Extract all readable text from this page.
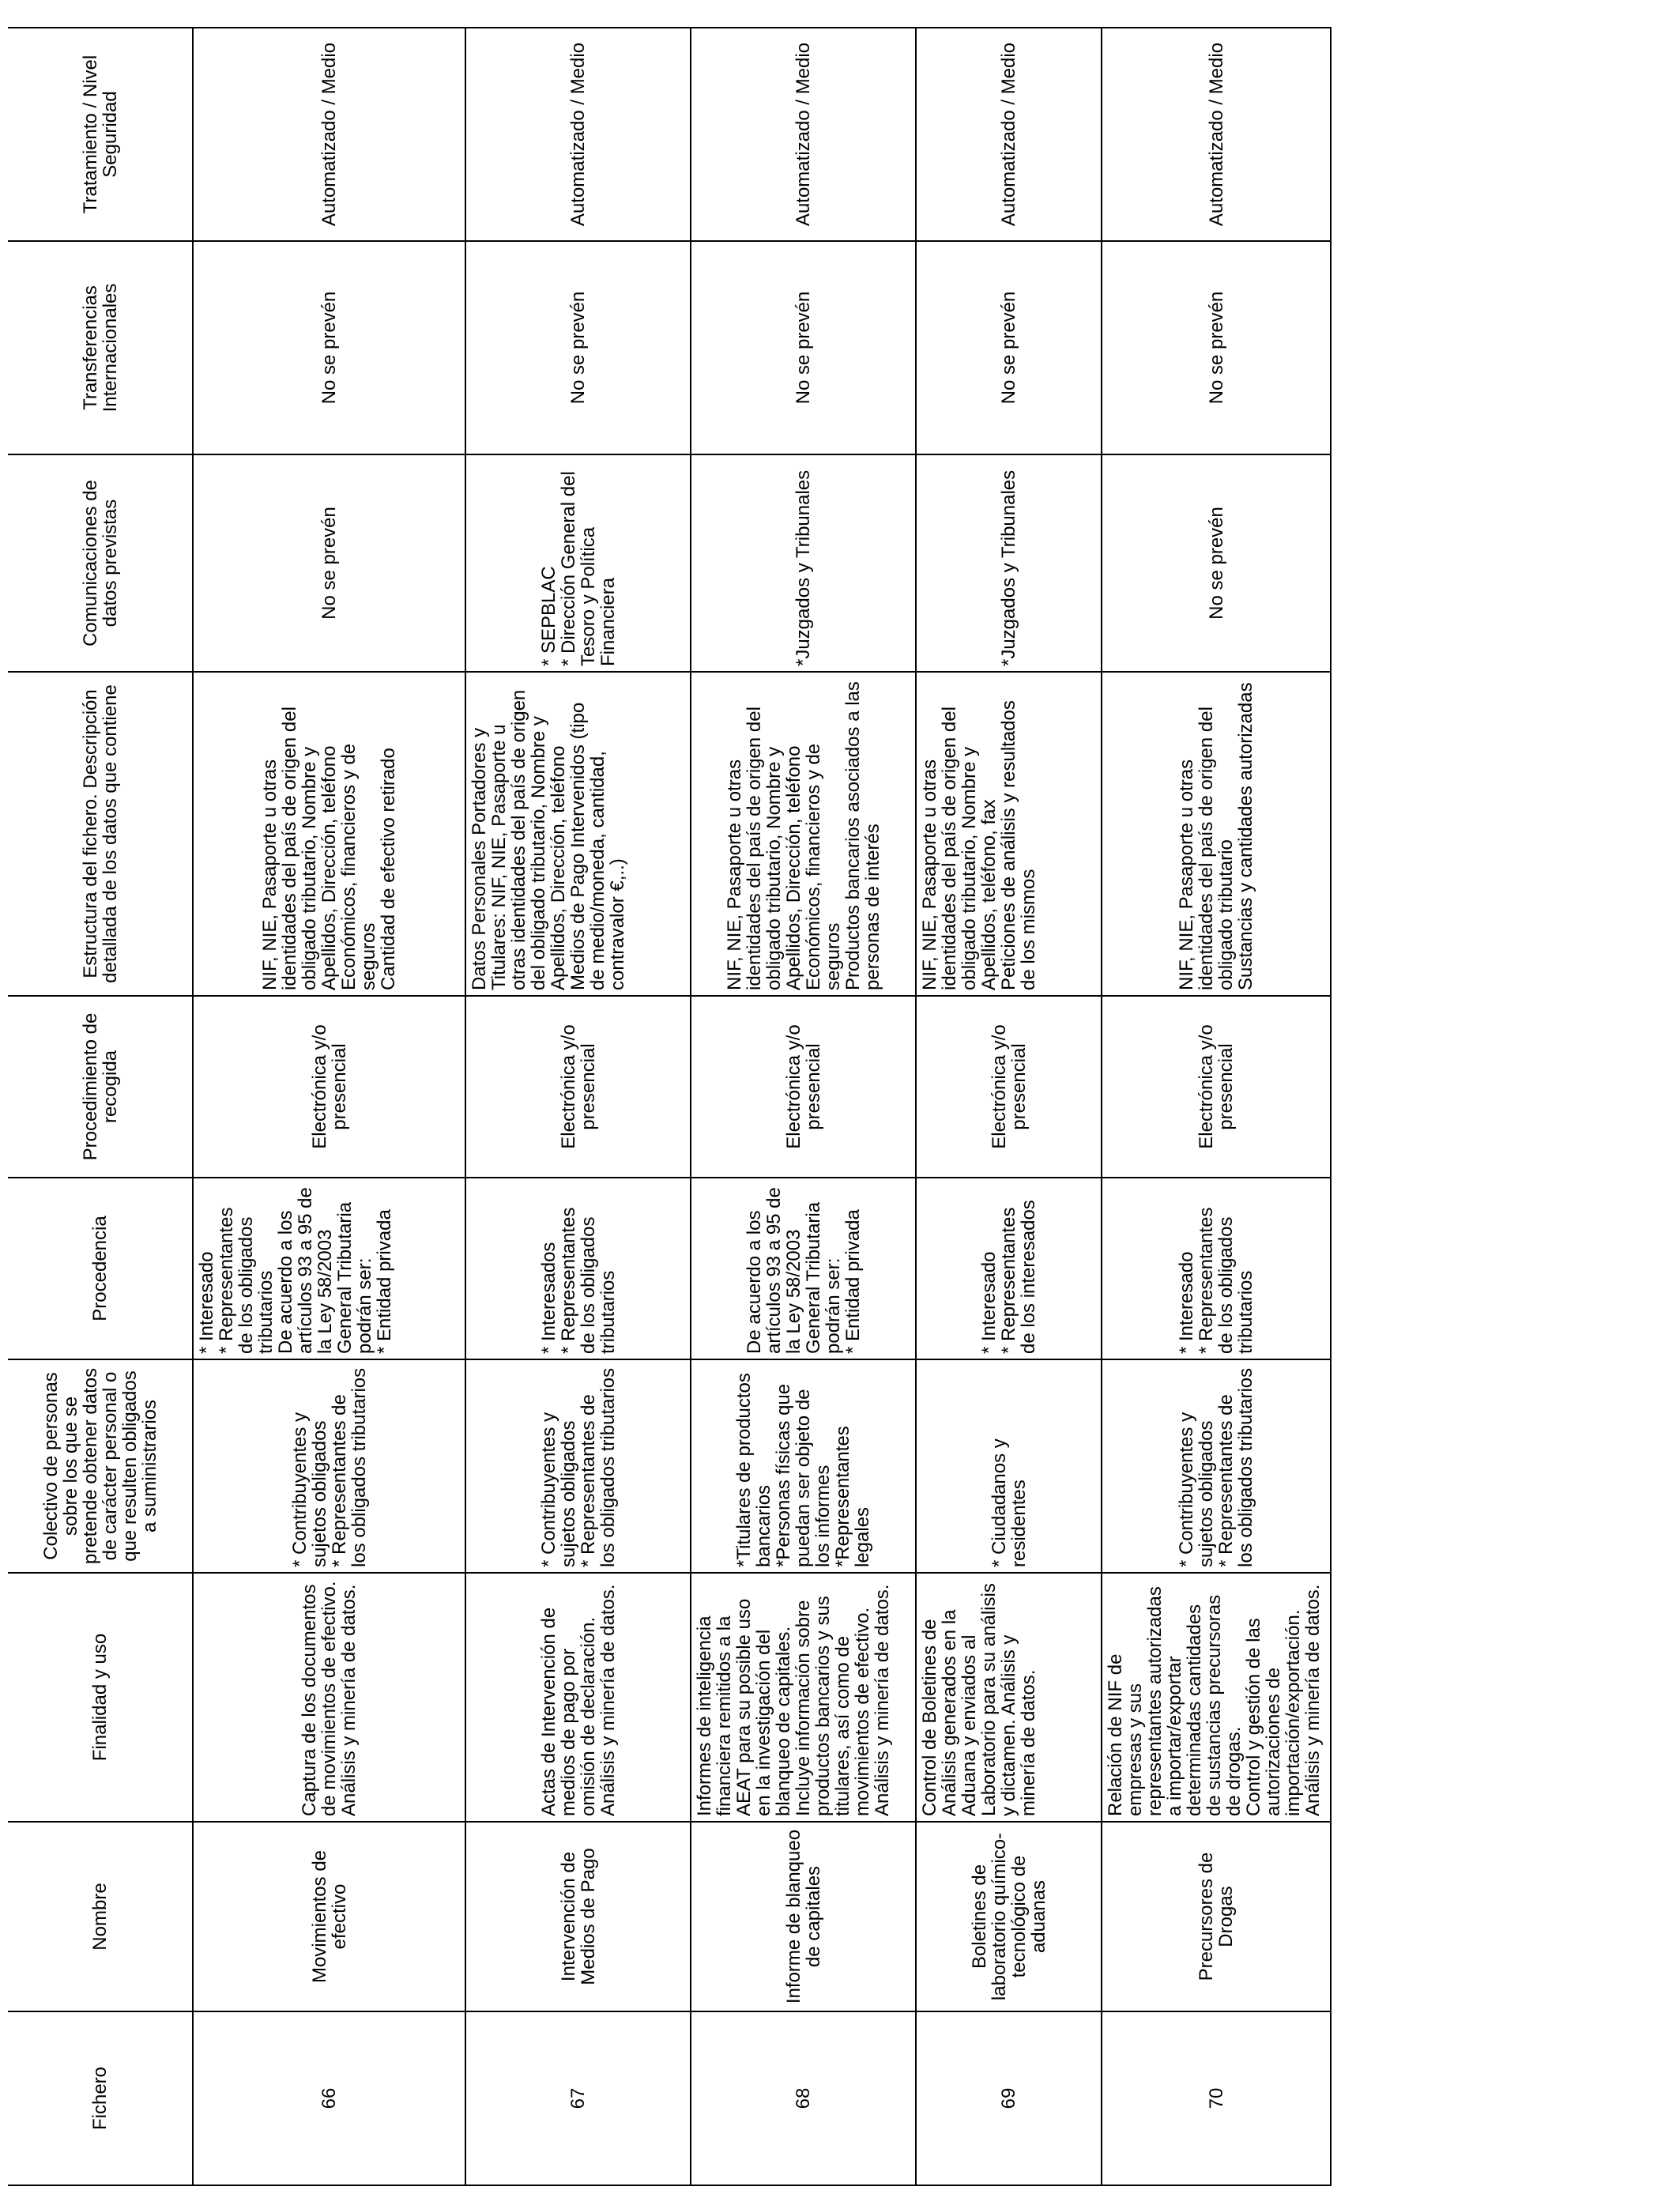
Fichero
Nombre
Finalidad y uso
Colectivo de personas sobre los que se pretende obtener datos de carácter personal o que resulten obligados a suministrarios
Procedencia
Procedimiento de recogida
Estructura del fichero. Descripción detallada de los datos que contiene
Comunicaciones de datos previstas
Transferencias Internacionales
Tratamiento / Nivel Seguridad
66
Movimientos de efectivo
Captura de los documentos de movimientos de efectivo.
Análisis y minería de datos.
* Contribuyentes y sujetos obligados
* Representantes de los obligados tributarios
* Interesado
* Representantes de los obligados tributarios
De acuerdo a los artículos 93 a 95 de la Ley 58/2003 General Tributaria podrán ser:
* Entidad privada
Electrónica y/o presencial
NIF, NIE, Pasaporte u otras identidades del país de origen del obligado tributario, Nombre y Apellidos, Dirección, teléfono
Económicos, financieros y de seguros
Cantidad de efectivo retirado
No se prevén
No se prevén
Automatizado / Medio
67
Intervención de Medios de Pago
Actas de Intervención de medios de pago por omisión de declaración. Análisis y minería de datos.
* Contribuyentes y sujetos obligados
* Representantes de los obligados tributarios
* Interesados
* Representantes de los obligados tributarios
Electrónica y/o presencial
Datos Personales Portadores y Titulares: NIF, NIE, Pasaporte u otras identidades del país de origen del obligado tributario, Nombre y Apellidos, Dirección, teléfono
Medios de Pago Intervenidos (tipo de medio/moneda, cantidad, contravalor €,..)
* SEPBLAC
* Dirección General del Tesoro y Política Financiera
No se prevén
Automatizado / Medio
68
Informe de blanqueo de capitales
Informes de inteligencia financiera remitidos a la AEAT para su posible uso en la investigación del blanqueo de capitales. Incluye información sobre productos bancarios y sus titulares, así como de movimientos de efectivo.
Análisis y minería de datos.
*Titulares de productos bancarios
*Personas físicas que puedan ser objeto de los informes
*Representantes legales
De acuerdo a los artículos 93 a 95 de la Ley 58/2003 General Tributaria podrán ser:
* Entidad privada
Electrónica y/o presencial
NIF, NIE, Pasaporte u otras identidades del país de origen del obligado tributario, Nombre y Apellidos, Dirección, teléfono
Económicos, financieros y de seguros
Productos bancarios asociados a las personas de interés
*Juzgados y Tribunales
No se prevén
Automatizado / Medio
69
Boletines de laboratorio químico-tecnológico de aduanas
Control de Boletines de Análisis generados en la Aduana y enviados al Laboratorio para su análisis y dictamen. Análisis y minería de datos.
* Ciudadanos y residentes
* Interesado
* Representantes de los interesados
Electrónica y/o presencial
NIF, NIE, Pasaporte u otras identidades del país de origen del obligado tributario, Nombre y Apellidos, teléfono, fax
Peticiones de análisis y resultados de los mismos
*Juzgados y Tribunales
No se prevén
Automatizado / Medio
70
Precursores de Drogas
Relación de NIF de empresas y sus representantes autorizadas a importar/exportar determinadas cantidades de sustancias precursoras de drogas.
Control y gestión de las autorizaciones de importación/exportación.
Análisis y minería de datos.
* Contribuyentes y sujetos obligados
* Representantes de los obligados tributarios
* Interesado
* Representantes de los obligados tributarios
Electrónica y/o presencial
NIF, NIE, Pasaporte u otras identidades del país de origen del obligado tributario
Sustancias y cantidades autorizadas
No se prevén
No se prevén
Automatizado / Medio
